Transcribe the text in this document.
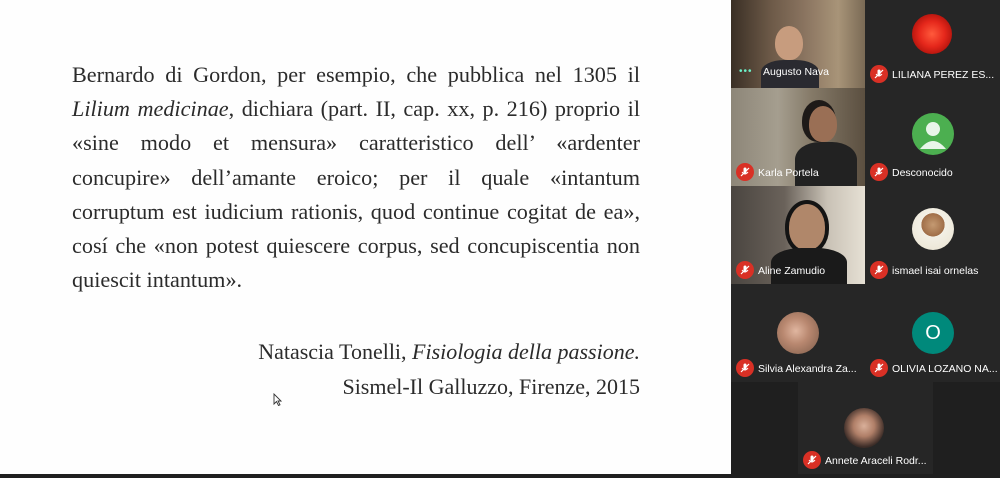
Bernardo di Gordon, per esempio, che pubblica nel 1305 il Lilium medicinae, dichiara (part. II, cap. xx, p. 216) proprio il «sine modo et mensura» caratteristico dell’ «ardenter concupire» dell’amante eroico; per il quale «intantum corruptum est iudicium rationis, quod continue cogitat de ea», cosí che «non potest quiescere corpus, sed concupiscentia non quiescit intantum».
Natascia Tonelli, Fisiologia della passione.
Sismel-Il Galluzzo, Firenze, 2015
••• Augusto Nava	LILIANA PEREZ ES...
Karla Portela	Desconocido
Aline Zamudio	ismael isai ornelas
Silvia Alexandra Za...
O
OLIVIA LOZANO NA...
Annete Araceli Rodr...
